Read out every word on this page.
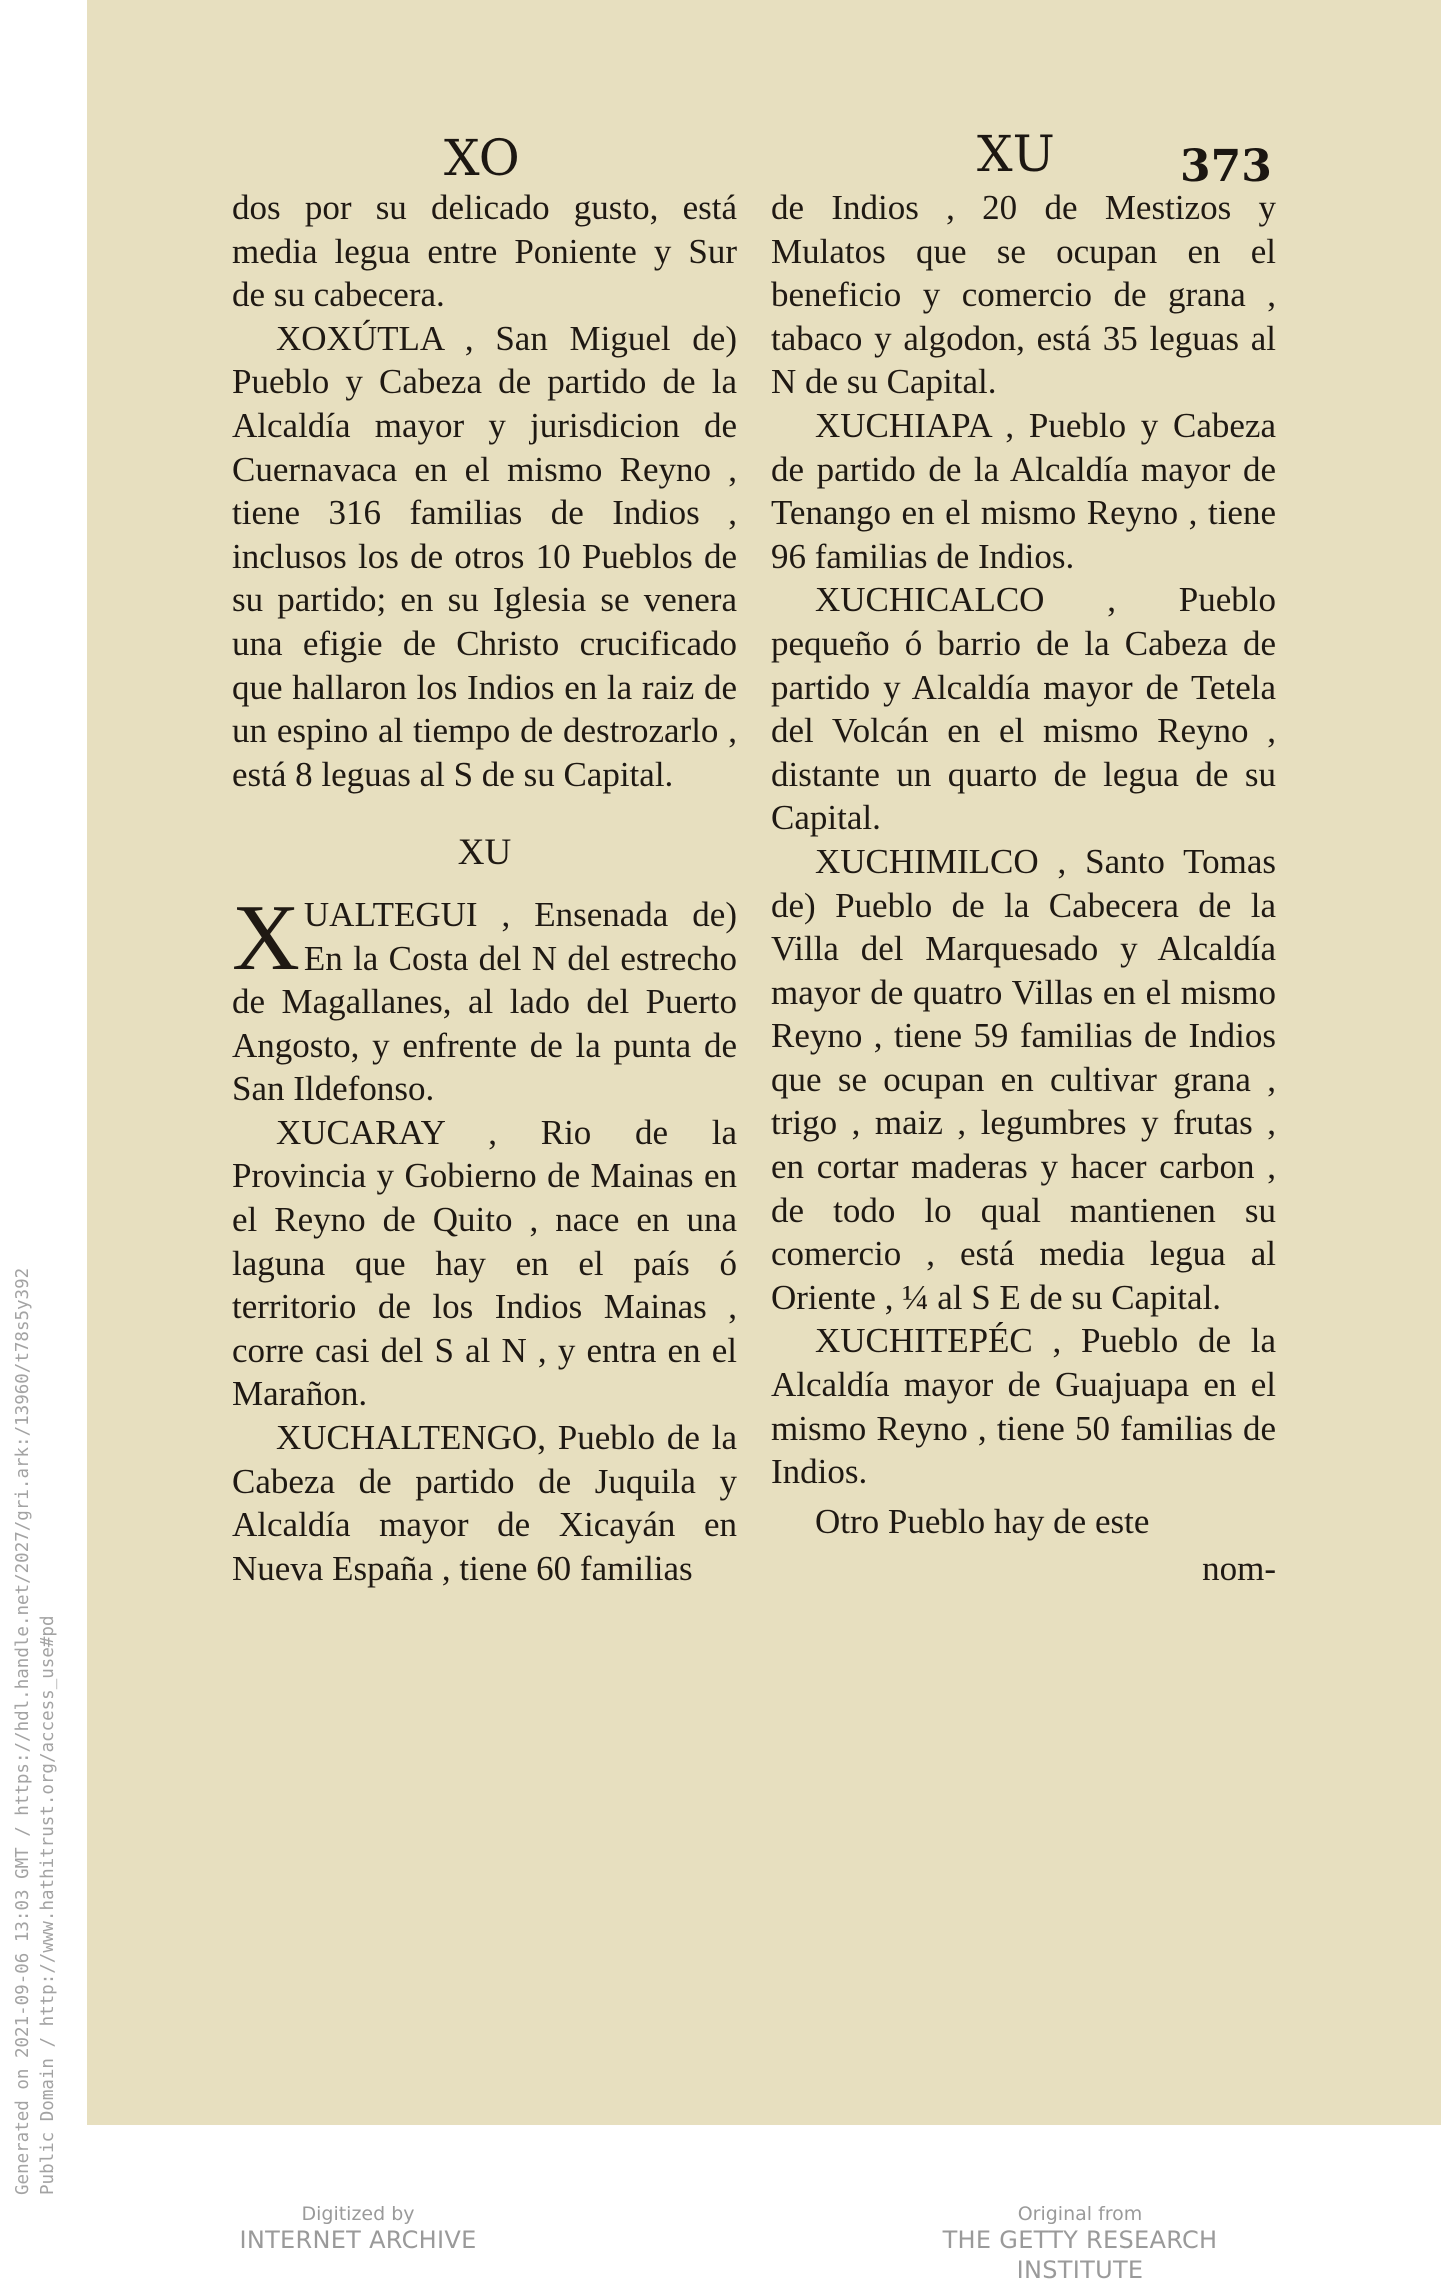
Generated on 2021-09-06 13:03 GMT / https://hdl.handle.net/2027/gri.ark:/13960/t78s5y392 Public Domain / http://www.hathitrust.org/access_use#pd
XO	XU	373

dos por su delicado gusto, está media legua entre Poniente y Sur de su cabecera.

XOXÚTLA , San Miguel de) Pueblo y Cabeza de partido de la Alcaldía mayor y jurisdicion de Cuernavaca en el mismo Reyno , tiene 316 familias de Indios , inclusos los de otros 10 Pueblos de su partido; en su Iglesia se venera una efigie de Christo crucificado que hallaron los Indios en la raiz de un espino al tiempo de destrozarlo , está 8 leguas al S de su Capital.

XU

XUALTEGUI , Ensenada de) En la Costa del N del estrecho de Magallanes, al lado del Puerto Angosto, y enfrente de la punta de San Ildefonso.

XUCARAY , Rio de la Provincia y Gobierno de Mainas en el Reyno de Quito , nace en una laguna que hay en el país ó territorio de los Indios Mainas , corre casi del S al N , y entra en el Marañon.

XUCHALTENGO, Pueblo de la Cabeza de partido de Juquila y Alcaldía mayor de Xicayán en Nueva España , tiene 60 familias

de Indios , 20 de Mestizos y Mulatos que se ocupan en el beneficio y comercio de grana , tabaco y algodon, está 35 leguas al N de su Capital.

XUCHIAPA , Pueblo y Cabeza de partido de la Alcaldía mayor de Tenango en el mismo Reyno , tiene 96 familias de Indios.

XUCHICALCO , Pueblo pequeño ó barrio de la Cabeza de partido y Alcaldía mayor de Tetela del Volcán en el mismo Reyno , distante un quarto de legua de su Capital.

XUCHIMILCO , Santo Tomas de) Pueblo de la Cabecera de la Villa del Marquesado y Alcaldía mayor de quatro Villas en el mismo Reyno , tiene 59 familias de Indios que se ocupan en cultivar grana , trigo , maiz , legumbres y frutas , en cortar maderas y hacer carbon , de todo lo qual mantienen su comercio , está media legua al Oriente , ¼ al S E de su Capital.

XUCHITEPÉC , Pueblo de la Alcaldía mayor de Guajuapa en el mismo Reyno , tiene 50 familias de Indios.

Otro Pueblo hay de este

nom-

Digitized by
INTERNET ARCHIVE
Original from
THE GETTY RESEARCH INSTITUTE
